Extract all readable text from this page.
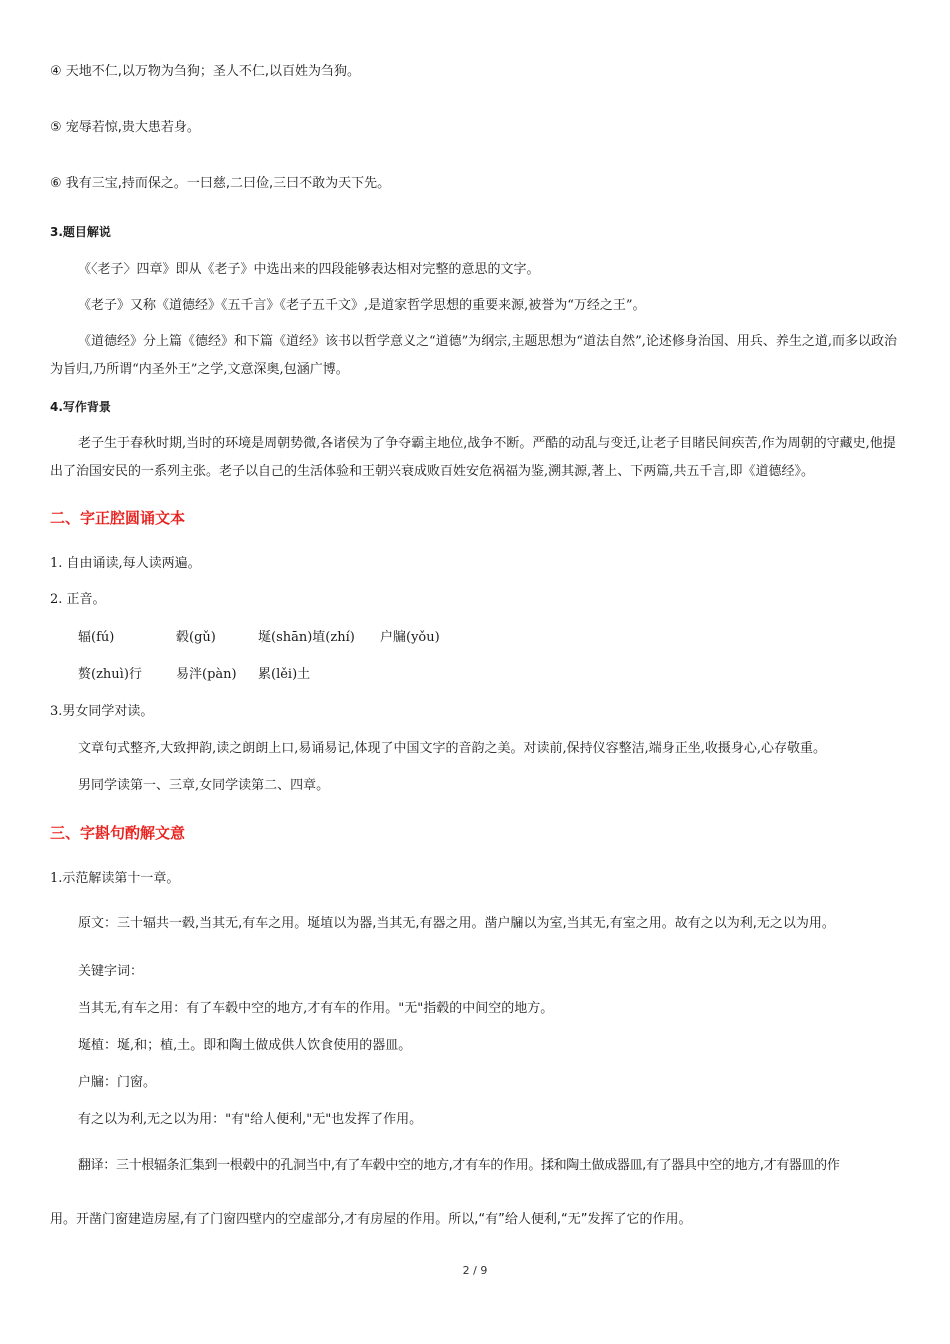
④ 天地不仁,以万物为刍狗；圣人不仁,以百姓为刍狗。
⑤ 宠辱若惊,贵大患若身。
⑥ 我有三宝,持而保之。一曰慈,二曰俭,三曰不敢为天下先。
3.题目解说
《〈老子〉四章》即从《老子》中选出来的四段能够表达相对完整的意思的文字。
《老子》又称《道德经》《五千言》《老子五千文》,是道家哲学思想的重要来源,被誉为“万经之王”。
《道德经》分上篇《德经》和下篇《道经》该书以哲学意义之“道德”为纲宗,主题思想为“道法自然”,论述修身治国、用兵、养生之道,而多以政治为旨归,乃所谓“内圣外王”之学,文意深奥,包涵广博。
4.写作背景
老子生于春秋时期,当时的环境是周朝势微,各诸侯为了争夺霸主地位,战争不断。严酷的动乱与变迁,让老子目睹民间疾苦,作为周朝的守藏史,他提出了治国安民的一系列主张。老子以自己的生活体验和王朝兴衰成败百姓安危祸福为鉴,溯其源,著上、下两篇,共五千言,即《道德经》。
二、字正腔圆诵文本
1. 自由诵读,每人读两遍。
2. 正音。
辐(fú)	毂(gǔ)	埏(shān)埴(zhí) 户牖(yǒu)
赘(zhuì)行	易泮(pàn) 累(lěi)土
3.男女同学对读。
文章句式整齐,大致押韵,读之朗朗上口,易诵易记,体现了中国文字的音韵之美。对读前,保持仪容整洁,端身正坐,收摄身心,心存敬重。
男同学读第一、三章,女同学读第二、四章。
三、字斟句酌解文意
1.示范解读第十一章。
原文：三十辐共一毂,当其无,有车之用。埏埴以为器,当其无,有器之用。凿户牖以为室,当其无,有室之用。故有之以为利,无之以为用。
关键字词：
当其无,有车之用：有了车毂中空的地方,才有车的作用。"无"指毂的中间空的地方。
埏植：埏,和；植,土。即和陶土做成供人饮食使用的器皿。
户牖：门窗。
有之以为利,无之以为用："有"给人便利,"无"也发挥了作用。
翻译：三十根辐条汇集到一根毂中的孔洞当中,有了车毂中空的地方,才有车的作用。揉和陶土做成器皿,有了器具中空的地方,才有器皿的作
用。开凿门窗建造房屋,有了门窗四壁内的空虚部分,才有房屋的作用。所以,“有”给人便利,“无”发挥了它的作用。
2 / 9
